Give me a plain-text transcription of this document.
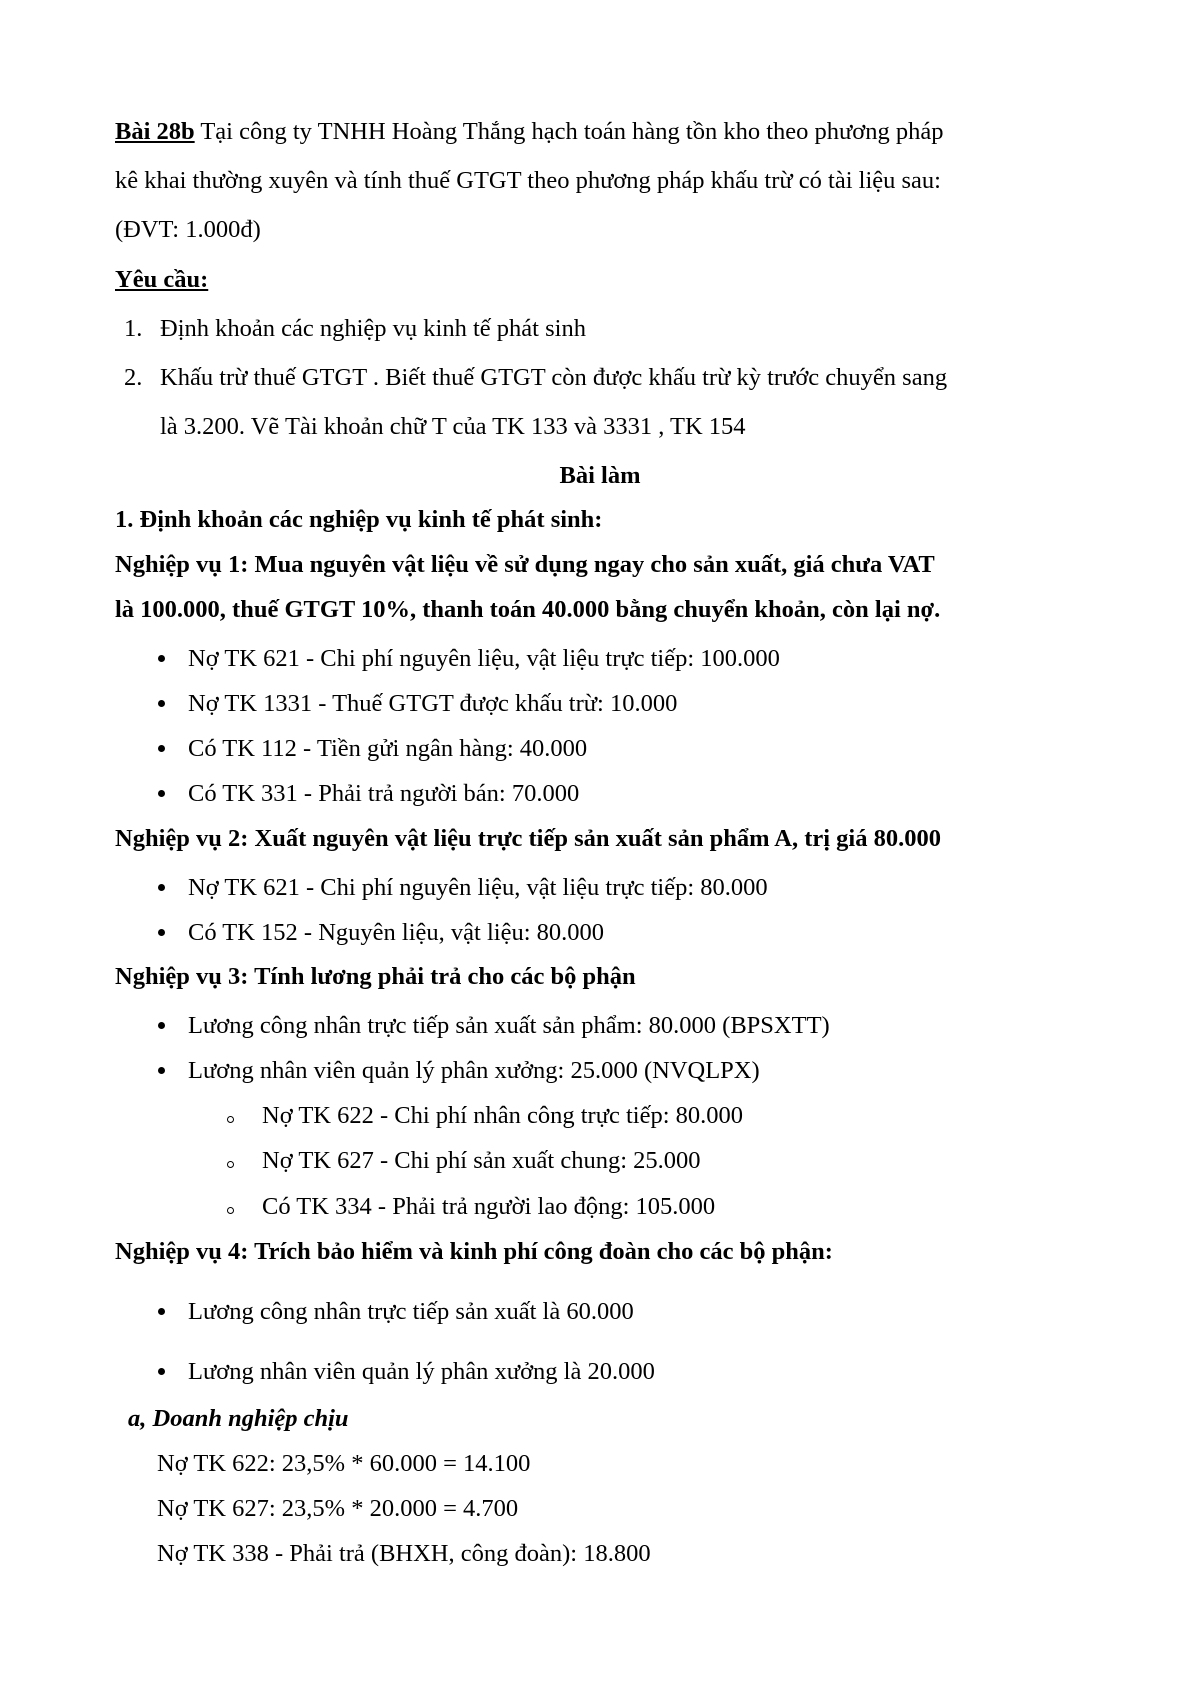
Bài 28b Tại công ty TNHH Hoàng Thắng hạch toán hàng tồn kho theo phương pháp
kê khai thường xuyên và tính thuế GTGT theo phương pháp khấu trừ có tài liệu sau:
(ĐVT: 1.000đ)
Yêu cầu:
1. Định khoản các nghiệp vụ kinh tế phát sinh
2. Khấu trừ thuế GTGT . Biết thuế GTGT còn được khấu trừ kỳ trước chuyển sang
là 3.200. Vẽ Tài khoản chữ T của TK 133 và 3331 , TK 154
Bài làm
1. Định khoản các nghiệp vụ kinh tế phát sinh:
Nghiệp vụ 1: Mua nguyên vật liệu về sử dụng ngay cho sản xuất, giá chưa VAT
là 100.000, thuế GTGT 10%, thanh toán 40.000 bằng chuyển khoản, còn lại nợ.
Nợ TK 621 - Chi phí nguyên liệu, vật liệu trực tiếp: 100.000
Nợ TK 1331 - Thuế GTGT được khấu trừ: 10.000
Có TK 112 - Tiền gửi ngân hàng: 40.000
Có TK 331 - Phải trả người bán: 70.000
Nghiệp vụ 2: Xuất nguyên vật liệu trực tiếp sản xuất sản phẩm A, trị giá 80.000
Nợ TK 621 - Chi phí nguyên liệu, vật liệu trực tiếp: 80.000
Có TK 152 - Nguyên liệu, vật liệu: 80.000
Nghiệp vụ 3: Tính lương phải trả cho các bộ phận
Lương công nhân trực tiếp sản xuất sản phẩm: 80.000 (BPSXTT)
Lương nhân viên quản lý phân xưởng: 25.000 (NVQLPX)
Nợ TK 622 - Chi phí nhân công trực tiếp: 80.000
Nợ TK 627 - Chi phí sản xuất chung: 25.000
Có TK 334 - Phải trả người lao động: 105.000
Nghiệp vụ 4: Trích bảo hiểm và kinh phí công đoàn cho các bộ phận:
Lương công nhân trực tiếp sản xuất là 60.000
Lương nhân viên quản lý phân xưởng là 20.000
a, Doanh nghiệp chịu
Nợ TK 622: 23,5% * 60.000 = 14.100
Nợ TK 627: 23,5% * 20.000 = 4.700
Nợ TK 338 - Phải trả (BHXH, công đoàn): 18.800
